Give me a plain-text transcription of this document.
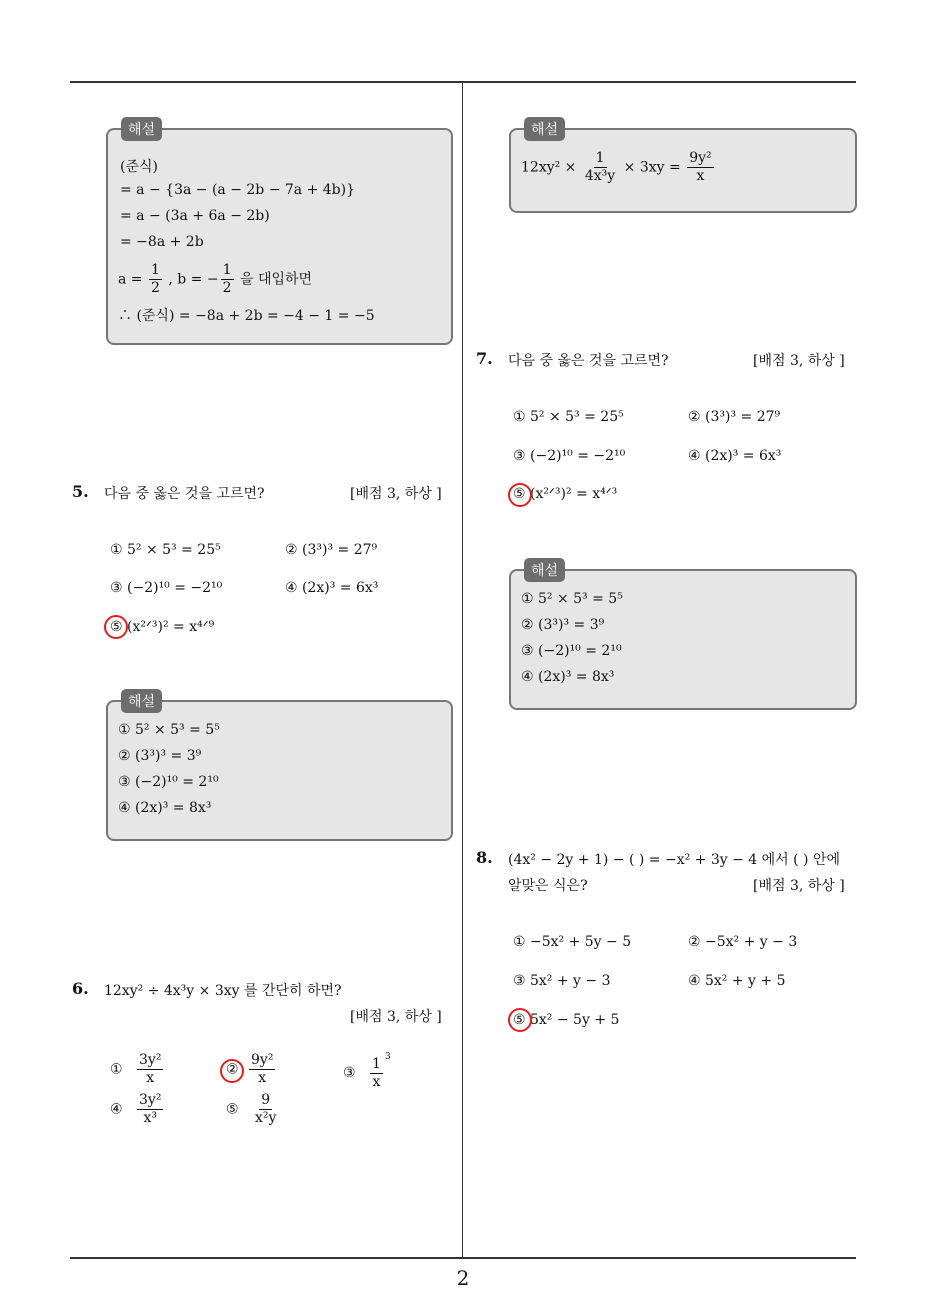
2
해설
(준식)
= a − {3a − (a − 2b − 7a + 4b)}
= a − (3a + 6a − 2b)
= −8a + 2b
$a = \frac{1}{2}$ , b = − $\frac{1}{2}$ 을 대입하면
∴ (준식) = −8a + 2b = −4 − 1 = −5
5. 다음 중 옳은 것을 고르면?	[배점 3, 하상 ]
① 5² × 5³ = 25⁵	② (3³)³ = 27⁹
③ (−2)¹⁰ = −2¹⁰	④ (2x)³ = 6x³
⑤ (x²ᐟ³)² = x⁴ᐟ⁹
해설
① 5² × 5³ = 5⁵
② (3³)³ = 3⁹
③ (−2)¹⁰ = 2¹⁰
④ (2x)³ = 8x³
6. 12xy² ÷ 4x³y × 3xy 를 간단히 하면?
[배점 3, 하상 ]
① $\frac{\text{3y²}}{x}$	② $\frac{\text{9y²}}{x}$	③ $\frac{1}{x} ^3$
④ $\frac{\text{3y²}}{\text{x³}}$	⑤ $\frac{9}{\text{x²y}}$
해설
$12xy^2 \times \frac{1}{\text{4x³y}} \times 3xy = \frac{\text{9y²}}{x}$
7. 다음 중 옳은 것을 고르면?	[배점 3, 하상 ]
① 5² × 5³ = 25⁵	② (3³)³ = 27⁹
③ (−2)¹⁰ = −2¹⁰	④ (2x)³ = 6x³
⑤ (x²ᐟ³)² = x⁴ᐟ³
해설
① 5² × 5³ = 5⁵
② (3³)³ = 3⁹
③ (−2)¹⁰ = 2¹⁰
④ (2x)³ = 8x³
8. (4x² − 2y + 1) − ( ) = −x² + 3y − 4 에서 ( ) 안에
알맞은 식은?	[배점 3, 하상 ]
① −5x² + 5y − 5	② −5x² + y − 3
③ 5x² + y − 3	④ 5x² + y + 5
⑤ 5x² − 5y + 5
